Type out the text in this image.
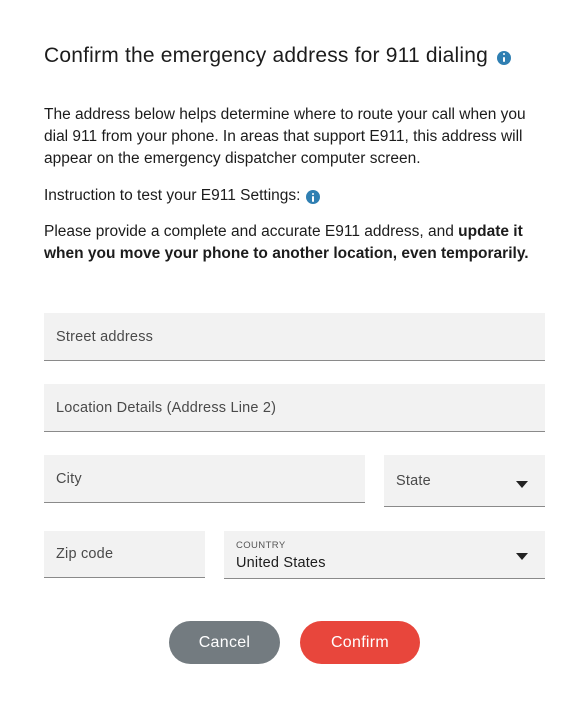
Confirm the emergency address for 911 dialing
The address below helps determine where to route your call when you dial 911 from your phone. In areas that support E911, this address will appear on the emergency dispatcher computer screen.
Instruction to test your E911 Settings:
Please provide a complete and accurate E911 address, and update it when you move your phone to another location, even temporarily.
Street address
Location Details (Address Line 2)
City	State
Zip code
COUNTRY
United States
Cancel	Confirm
